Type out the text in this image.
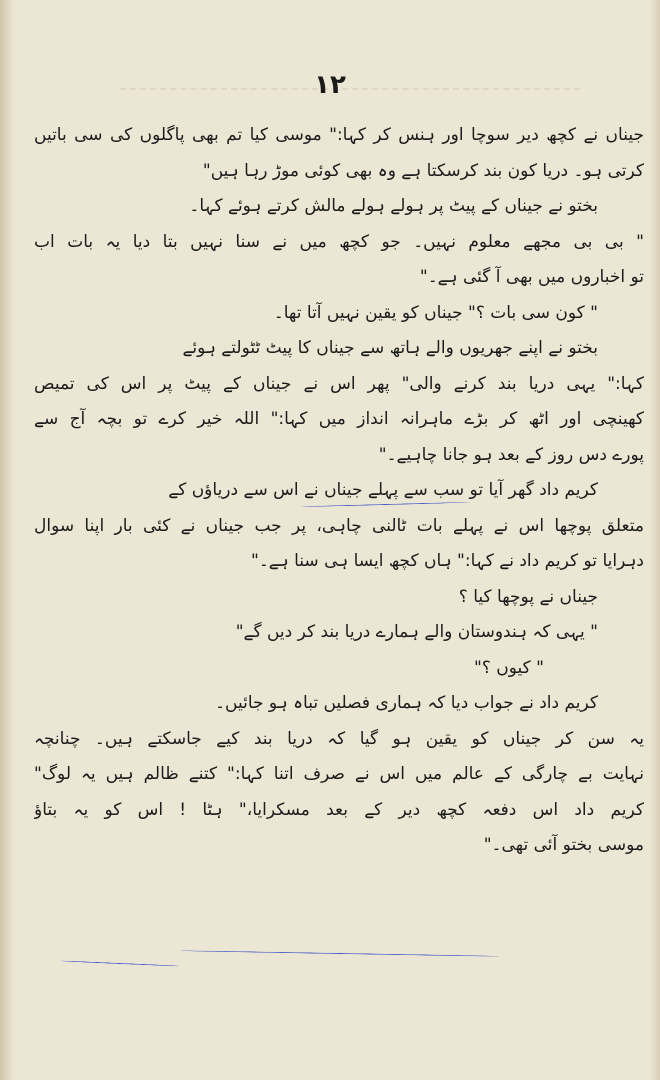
١٢
جیناں نے کچھ دیر سوچا اور ہنس کر کہا:" موسی کیا تم بھی پاگلوں کی سی باتیں
کرتی ہو۔ دریا کون بند کرسکتا ہے وہ بھی کوئی موڑ رہا ہیں"
بختو نے جیناں کے پیٹ پر ہولے ہولے مالش کرتے ہوئے کہا۔
" بی بی مجھے معلوم نہیں۔ جو کچھ میں نے سنا نہیں بتا دیا یہ بات اب
تو اخباروں میں بھی آ گئی ہے۔"
" کون سی بات ؟" جیناں کو یقین نہیں آتا تھا۔
بختو نے اپنے جھریوں والے ہاتھ سے جیناں کا پیٹ ٹٹولتے ہوئے
کہا:" یہی دریا بند کرنے والی" پھر اس نے جیناں کے پیٹ پر اس کی تمیص
کھینچی اور اٹھ کر بڑے ماہرانہ انداز میں کہا:" اللہ خیر کرے تو بچہ آج سے
پورے دس روز کے بعد ہو جانا چاہیے۔"
کریم داد گھر آیا تو سب سے پہلے جیناں نے اس سے دریاؤں کے
متعلق پوچھا اس نے پہلے بات ٹالنی چاہی، پر جب جیناں نے کئی بار اپنا سوال
دہرایا تو کریم داد نے کہا:" ہاں کچھ ایسا ہی سنا ہے۔"
جیناں نے پوچھا کیا ؟
" یہی کہ ہندوستان والے ہمارے دریا بند کر دیں گے"
" کیوں ؟"
کریم داد نے جواب دیا کہ ہماری فصلیں تباہ ہو جائیں۔
یہ سن کر جیناں کو یقین ہو گیا کہ دریا بند کیے جاسکتے ہیں۔ چنانچہ
نہایت بے چارگی کے عالم میں اس نے صرف اتنا کہا:" کتنے ظالم ہیں یہ لوگ"
کریم داد اس دفعہ کچھ دیر کے بعد مسکرایا،" ہٹا ! اس کو یہ بتاؤ
موسی بختو آئی تھی۔"
